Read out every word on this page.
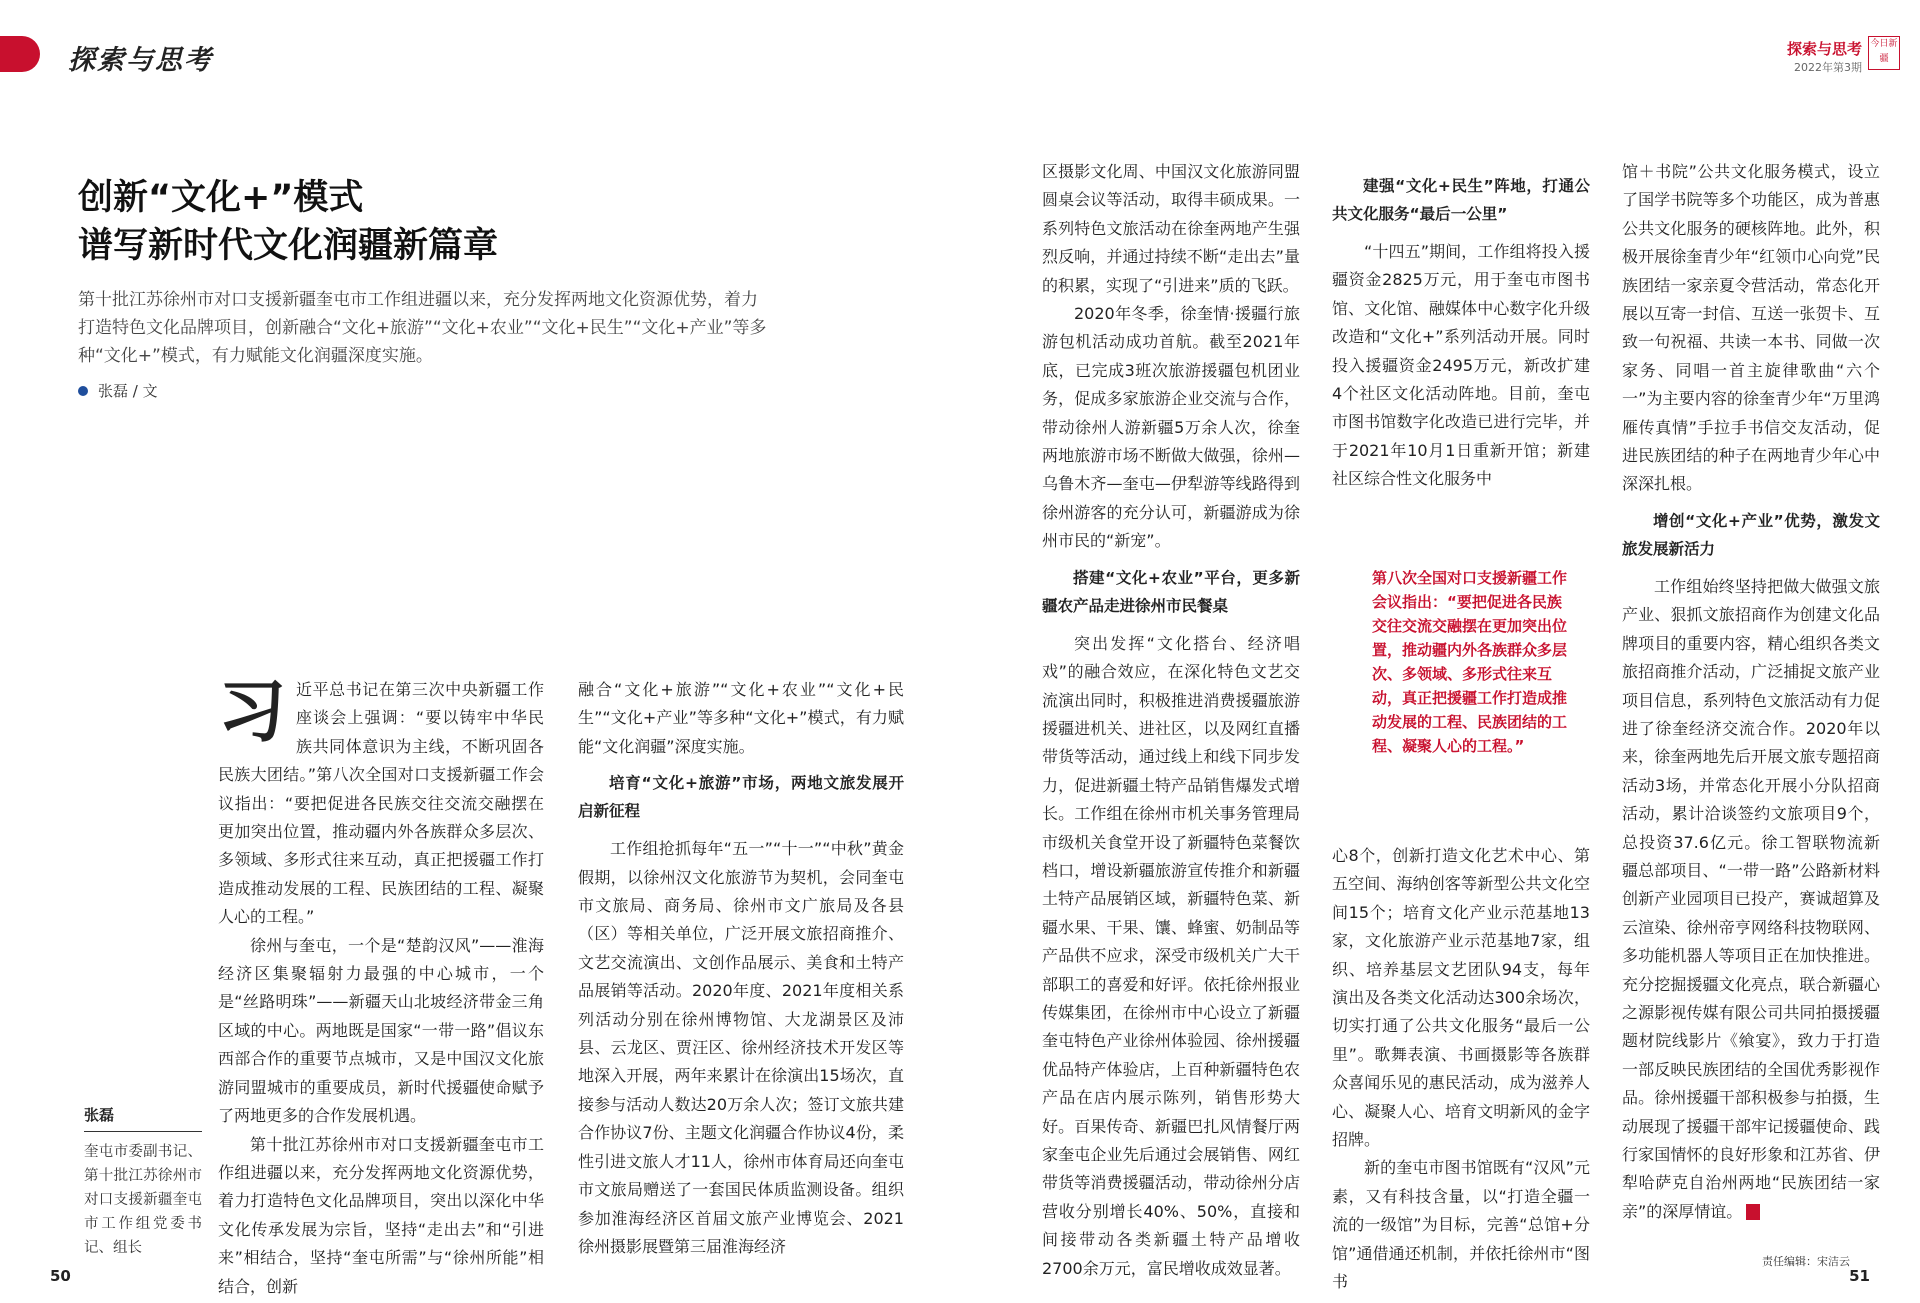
探索与思考	探索与思考
2022年第3期
今日新疆
创新“文化+”模式
谱写新时代文化润疆新篇章
第十批江苏徐州市对口支援新疆奎屯市工作组进疆以来，充分发挥两地文化资源优势，着力打造特色文化品牌项目，创新融合“文化+旅游”“文化+农业”“文化+民生”“文化+产业”等多种“文化+”模式，有力赋能文化润疆深度实施。
张磊 / 文
习 近平总书记在第三次中央新疆工作座谈会上强调：“要以铸牢中华民族共同体意识为主线，不断巩固各民族大团结。”第八次全国对口支援新疆工作会议指出：“要把促进各民族交往交流交融摆在更加突出位置，推动疆内外各族群众多层次、多领域、多形式往来互动，真正把援疆工作打造成推动发展的工程、民族团结的工程、凝聚人心的工程。”

徐州与奎屯，一个是“楚韵汉风”——淮海经济区集聚辐射力最强的中心城市，一个是“丝路明珠”——新疆天山北坡经济带金三角区域的中心。两地既是国家“一带一路”倡议东西部合作的重要节点城市，又是中国汉文化旅游同盟城市的重要成员，新时代援疆使命赋予了两地更多的合作发展机遇。

第十批江苏徐州市对口支援新疆奎屯市工作组进疆以来，充分发挥两地文化资源优势，着力打造特色文化品牌项目，突出以深化中华文化传承发展为宗旨，坚持“走出去”和“引进来”相结合，坚持“奎屯所需”与“徐州所能”相结合，创新

张磊
奎屯市委副书记、第十批江苏徐州市对口支援新疆奎屯市工作组党委书记、组长

融合“文化+旅游”“文化+农业”“文化+民生”“文化+产业”等多种“文化+”模式，有力赋能“文化润疆”深度实施。

培育“文化+旅游”市场，两地文旅发展开启新征程

工作组抢抓每年“五一”“十一”“中秋”黄金假期，以徐州汉文化旅游节为契机，会同奎屯市文旅局、商务局、徐州市文广旅局及各县（区）等相关单位，广泛开展文旅招商推介、文艺交流演出、文创作品展示、美食和土特产品展销等活动。2020年度、2021年度相关系列活动分别在徐州博物馆、大龙湖景区及沛县、云龙区、贾汪区、徐州经济技术开发区等地深入开展，两年来累计在徐演出15场次，直接参与活动人数达20万余人次；签订文旅共建合作协议7份、主题文化润疆合作协议4份，柔性引进文旅人才11人，徐州市体育局还向奎屯市文旅局赠送了一套国民体质监测设备。组织参加淮海经济区首届文旅产业博览会、2021徐州摄影展暨第三届淮海经济

区摄影文化周、中国汉文化旅游同盟圆桌会议等活动，取得丰硕成果。一系列特色文旅活动在徐奎两地产生强烈反响，并通过持续不断“走出去”量的积累，实现了“引进来”质的飞跃。

2020年冬季，徐奎情·援疆行旅游包机活动成功首航。截至2021年底，已完成3班次旅游援疆包机团业务，促成多家旅游企业交流与合作，带动徐州人游新疆5万余人次，徐奎两地旅游市场不断做大做强，徐州—乌鲁木齐—奎屯—伊犁游等线路得到徐州游客的充分认可，新疆游成为徐州市民的“新宠”。

搭建“文化+农业”平台，更多新疆农产品走进徐州市民餐桌

突出发挥“文化搭台、经济唱戏”的融合效应，在深化特色文艺交流演出同时，积极推进消费援疆旅游援疆进机关、进社区，以及网红直播带货等活动，通过线上和线下同步发力，促进新疆土特产品销售爆发式增长。工作组在徐州市机关事务管理局市级机关食堂开设了新疆特色菜餐饮档口，增设新疆旅游宣传推介和新疆土特产品展销区域，新疆特色菜、新疆水果、干果、馕、蜂蜜、奶制品等产品供不应求，深受市级机关广大干部职工的喜爱和好评。依托徐州报业传媒集团，在徐州市中心设立了新疆奎屯特色产业徐州体验园、徐州援疆优品特产体验店，上百种新疆特色农产品在店内展示陈列，销售形势大好。百果传奇、新疆巴扎风情餐厅两家奎屯企业先后通过会展销售、网红带货等消费援疆活动，带动徐州分店营收分别增长40%、50%，直接和间接带动各类新疆土特产品增收2700余万元，富民增收成效显著。

建强“文化+民生”阵地，打通公共文化服务“最后一公里”

“十四五”期间，工作组将投入援疆资金2825万元，用于奎屯市图书馆、文化馆、融媒体中心数字化升级改造和“文化+”系列活动开展。同时投入援疆资金2495万元，新改扩建4个社区文化活动阵地。目前，奎屯市图书馆数字化改造已进行完毕，并于2021年10月1日重新开馆；新建社区综合性文化服务中

第八次全国对口支援新疆工作会议指出：“要把促进各民族交往交流交融摆在更加突出位置，推动疆内外各族群众多层次、多领域、多形式往来互动，真正把援疆工作打造成推动发展的工程、民族团结的工程、凝聚人心的工程。”

心8个，创新打造文化艺术中心、第五空间、海纳创客等新型公共文化空间15个；培育文化产业示范基地13家，文化旅游产业示范基地7家，组织、培养基层文艺团队94支，每年演出及各类文化活动达300余场次，切实打通了公共文化服务“最后一公里”。歌舞表演、书画摄影等各族群众喜闻乐见的惠民活动，成为滋养人心、凝聚人心、培育文明新风的金字招牌。

新的奎屯市图书馆既有“汉风”元素，又有科技含量，以“打造全疆一流的一级馆”为目标，完善“总馆+分馆”通借通还机制，并依托徐州市“图书

馆＋书院”公共文化服务模式，设立了国学书院等多个功能区，成为普惠公共文化服务的硬核阵地。此外，积极开展徐奎青少年“红领巾心向党”民族团结一家亲夏令营活动，常态化开展以互寄一封信、互送一张贺卡、互致一句祝福、共读一本书、同做一次家务、同唱一首主旋律歌曲“六个一”为主要内容的徐奎青少年“万里鸿雁传真情”手拉手书信交友活动，促进民族团结的种子在两地青少年心中深深扎根。

增创“文化+产业”优势，激发文旅发展新活力

工作组始终坚持把做大做强文旅产业、狠抓文旅招商作为创建文化品牌项目的重要内容，精心组织各类文旅招商推介活动，广泛捕捉文旅产业项目信息，系列特色文旅活动有力促进了徐奎经济交流合作。2020年以来，徐奎两地先后开展文旅专题招商活动3场，并常态化开展小分队招商活动，累计洽谈签约文旅项目9个，总投资37.6亿元。徐工智联物流新疆总部项目、“一带一路”公路新材料创新产业园项目已投产，赛诚超算及云渲染、徐州帝亨网络科技物联网、多功能机器人等项目正在加快推进。充分挖掘援疆文化亮点，联合新疆心之源影视传媒有限公司共同拍摄援疆题材院线影片《飨宴》，致力于打造一部反映民族团结的全国优秀影视作品。徐州援疆干部积极参与拍摄，生动展现了援疆干部牢记援疆使命、践行家国情怀的良好形象和江苏省、伊犁哈萨克自治州两地“民族团结一家亲”的深厚情谊。

50	51
责任编辑：宋洁云
